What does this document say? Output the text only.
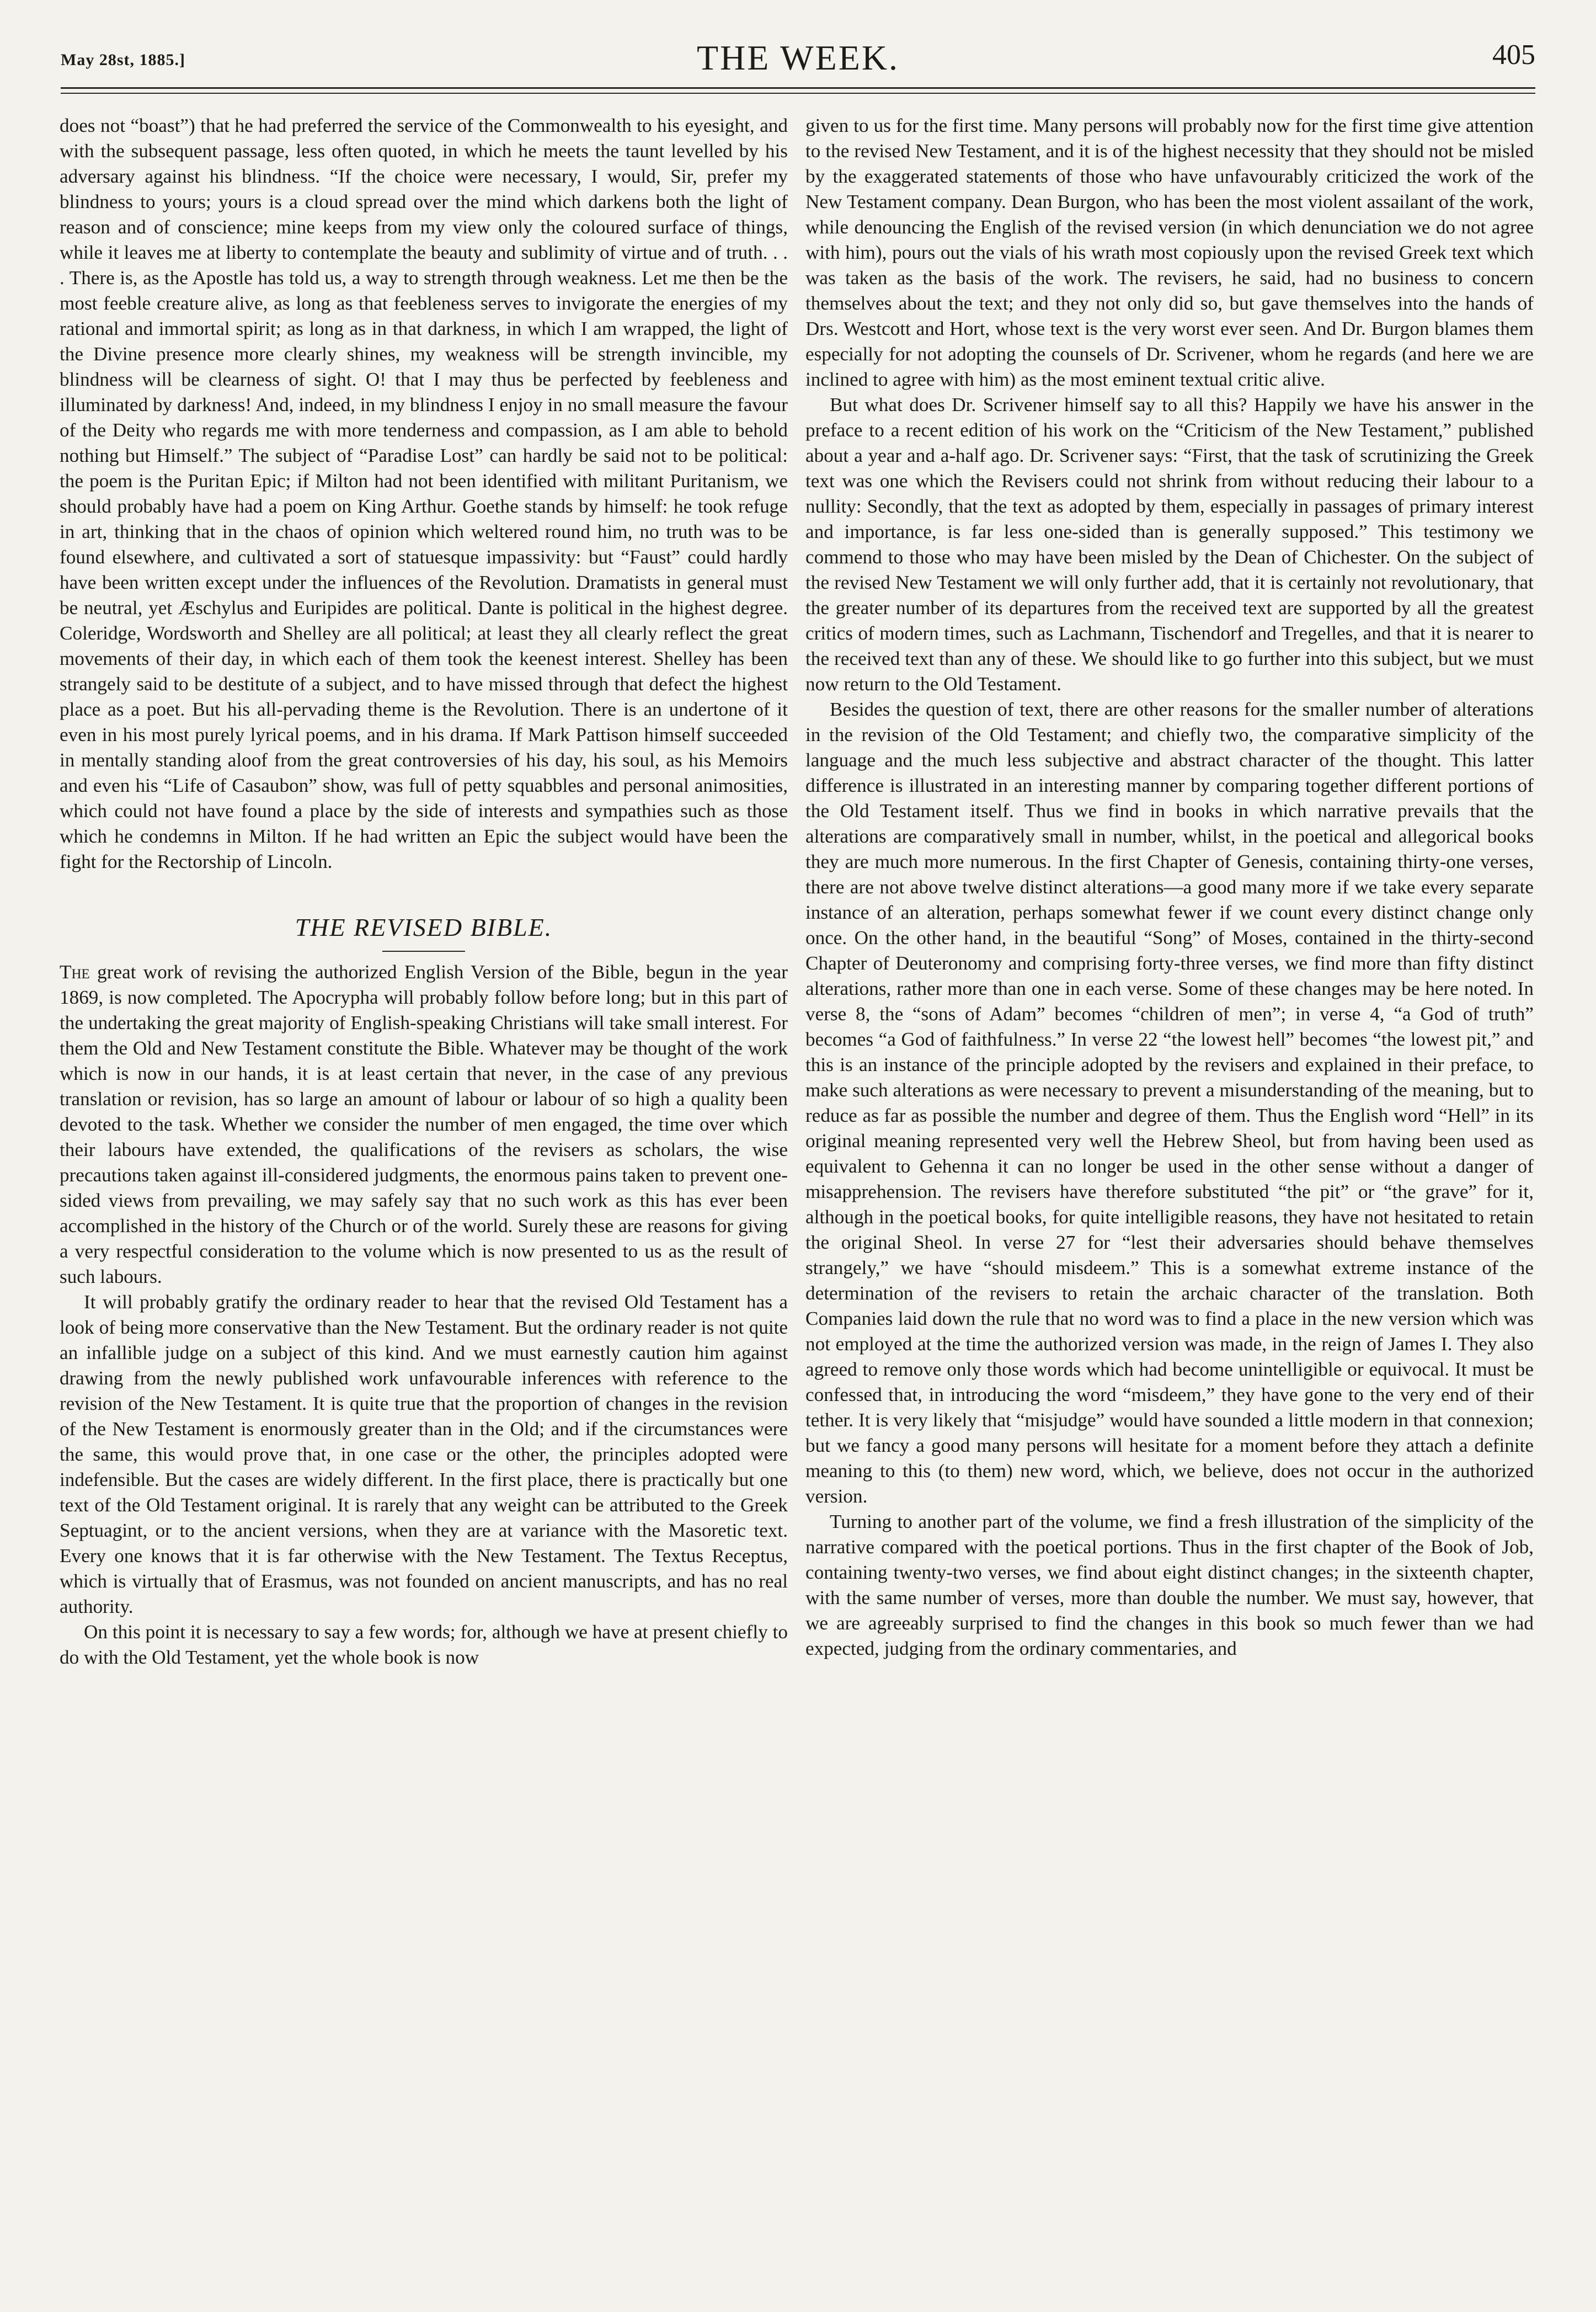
May 28st, 1885.]	THE WEEK.	405

does not “boast”) that he had preferred the service of the Commonwealth to his eyesight, and with the subsequent passage, less often quoted, in which he meets the taunt levelled by his adversary against his blindness. “If the choice were necessary, I would, Sir, prefer my blindness to yours; yours is a cloud spread over the mind which darkens both the light of reason and of conscience; mine keeps from my view only the coloured surface of things, while it leaves me at liberty to contemplate the beauty and sublimity of virtue and of truth. . . . There is, as the Apostle has told us, a way to strength through weakness. Let me then be the most feeble creature alive, as long as that feebleness serves to invigorate the energies of my rational and immortal spirit; as long as in that darkness, in which I am wrapped, the light of the Divine presence more clearly shines, my weakness will be strength invincible, my blindness will be clearness of sight. O! that I may thus be perfected by feebleness and illuminated by darkness! And, indeed, in my blindness I enjoy in no small measure the favour of the Deity who regards me with more tenderness and compassion, as I am able to behold nothing but Himself.” The subject of “Paradise Lost” can hardly be said not to be political: the poem is the Puritan Epic; if Milton had not been identified with militant Puritanism, we should probably have had a poem on King Arthur. Goethe stands by himself: he took refuge in art, thinking that in the chaos of opinion which weltered round him, no truth was to be found elsewhere, and cultivated a sort of statuesque impassivity: but “Faust” could hardly have been written except under the influences of the Revolution. Dramatists in general must be neutral, yet Æschylus and Euripides are political. Dante is political in the highest degree. Coleridge, Wordsworth and Shelley are all political; at least they all clearly reflect the great movements of their day, in which each of them took the keenest interest. Shelley has been strangely said to be destitute of a subject, and to have missed through that defect the highest place as a poet. But his all-pervading theme is the Revolution. There is an undertone of it even in his most purely lyrical poems, and in his drama. If Mark Pattison himself succeeded in mentally standing aloof from the great controversies of his day, his soul, as his Memoirs and even his “Life of Casaubon” show, was full of petty squabbles and personal animosities, which could not have found a place by the side of interests and sympathies such as those which he condemns in Milton. If he had written an Epic the subject would have been the fight for the Rectorship of Lincoln.

THE REVISED BIBLE.

The great work of revising the authorized English Version of the Bible, begun in the year 1869, is now completed. The Apocrypha will probably follow before long; but in this part of the undertaking the great majority of English-speaking Christians will take small interest. For them the Old and New Testament constitute the Bible. Whatever may be thought of the work which is now in our hands, it is at least certain that never, in the case of any previous translation or revision, has so large an amount of labour or labour of so high a quality been devoted to the task. Whether we consider the number of men engaged, the time over which their labours have extended, the qualifications of the revisers as scholars, the wise precautions taken against ill-considered judgments, the enormous pains taken to prevent one-sided views from prevailing, we may safely say that no such work as this has ever been accomplished in the history of the Church or of the world. Surely these are reasons for giving a very respectful consideration to the volume which is now presented to us as the result of such labours.

It will probably gratify the ordinary reader to hear that the revised Old Testament has a look of being more conservative than the New Testament. But the ordinary reader is not quite an infallible judge on a subject of this kind. And we must earnestly caution him against drawing from the newly published work unfavourable inferences with reference to the revision of the New Testament. It is quite true that the proportion of changes in the revision of the New Testament is enormously greater than in the Old; and if the circumstances were the same, this would prove that, in one case or the other, the principles adopted were indefensible. But the cases are widely different. In the first place, there is practically but one text of the Old Testament original. It is rarely that any weight can be attributed to the Greek Septuagint, or to the ancient versions, when they are at variance with the Masoretic text. Every one knows that it is far otherwise with the New Testament. The Textus Receptus, which is virtually that of Erasmus, was not founded on ancient manuscripts, and has no real authority.

On this point it is necessary to say a few words; for, although we have at present chiefly to do with the Old Testament, yet the whole book is now

given to us for the first time. Many persons will probably now for the first time give attention to the revised New Testament, and it is of the highest necessity that they should not be misled by the exaggerated statements of those who have unfavourably criticized the work of the New Testament company. Dean Burgon, who has been the most violent assailant of the work, while denouncing the English of the revised version (in which denunciation we do not agree with him), pours out the vials of his wrath most copiously upon the revised Greek text which was taken as the basis of the work. The revisers, he said, had no business to concern themselves about the text; and they not only did so, but gave themselves into the hands of Drs. Westcott and Hort, whose text is the very worst ever seen. And Dr. Burgon blames them especially for not adopting the counsels of Dr. Scrivener, whom he regards (and here we are inclined to agree with him) as the most eminent textual critic alive.

But what does Dr. Scrivener himself say to all this? Happily we have his answer in the preface to a recent edition of his work on the “Criticism of the New Testament,” published about a year and a-half ago. Dr. Scrivener says: “First, that the task of scrutinizing the Greek text was one which the Revisers could not shrink from without reducing their labour to a nullity: Secondly, that the text as adopted by them, especially in passages of primary interest and importance, is far less one-sided than is generally supposed.” This testimony we commend to those who may have been misled by the Dean of Chichester. On the subject of the revised New Testament we will only further add, that it is certainly not revolutionary, that the greater number of its departures from the received text are supported by all the greatest critics of modern times, such as Lachmann, Tischendorf and Tregelles, and that it is nearer to the received text than any of these. We should like to go further into this subject, but we must now return to the Old Testament.

Besides the question of text, there are other reasons for the smaller number of alterations in the revision of the Old Testament; and chiefly two, the comparative simplicity of the language and the much less subjective and abstract character of the thought. This latter difference is illustrated in an interesting manner by comparing together different portions of the Old Testament itself. Thus we find in books in which narrative prevails that the alterations are comparatively small in number, whilst, in the poetical and allegorical books they are much more numerous. In the first Chapter of Genesis, containing thirty-one verses, there are not above twelve distinct alterations—a good many more if we take every separate instance of an alteration, perhaps somewhat fewer if we count every distinct change only once. On the other hand, in the beautiful “Song” of Moses, contained in the thirty-second Chapter of Deuteronomy and comprising forty-three verses, we find more than fifty distinct alterations, rather more than one in each verse. Some of these changes may be here noted. In verse 8, the “sons of Adam” becomes “children of men”; in verse 4, “a God of truth” becomes “a God of faithfulness.” In verse 22 “the lowest hell” becomes “the lowest pit,” and this is an instance of the principle adopted by the revisers and explained in their preface, to make such alterations as were necessary to prevent a misunderstanding of the meaning, but to reduce as far as possible the number and degree of them. Thus the English word “Hell” in its original meaning represented very well the Hebrew Sheol, but from having been used as equivalent to Gehenna it can no longer be used in the other sense without a danger of misapprehension. The revisers have therefore substituted “the pit” or “the grave” for it, although in the poetical books, for quite intelligible reasons, they have not hesitated to retain the original Sheol. In verse 27 for “lest their adversaries should behave themselves strangely,” we have “should misdeem.” This is a somewhat extreme instance of the determination of the revisers to retain the archaic character of the translation. Both Companies laid down the rule that no word was to find a place in the new version which was not employed at the time the authorized version was made, in the reign of James I. They also agreed to remove only those words which had become unintelligible or equivocal. It must be confessed that, in introducing the word “misdeem,” they have gone to the very end of their tether. It is very likely that “misjudge” would have sounded a little modern in that connexion; but we fancy a good many persons will hesitate for a moment before they attach a definite meaning to this (to them) new word, which, we believe, does not occur in the authorized version.

Turning to another part of the volume, we find a fresh illustration of the simplicity of the narrative compared with the poetical portions. Thus in the first chapter of the Book of Job, containing twenty-two verses, we find about eight distinct changes; in the sixteenth chapter, with the same number of verses, more than double the number. We must say, however, that we are agreeably surprised to find the changes in this book so much fewer than we had expected, judging from the ordinary commentaries, and
